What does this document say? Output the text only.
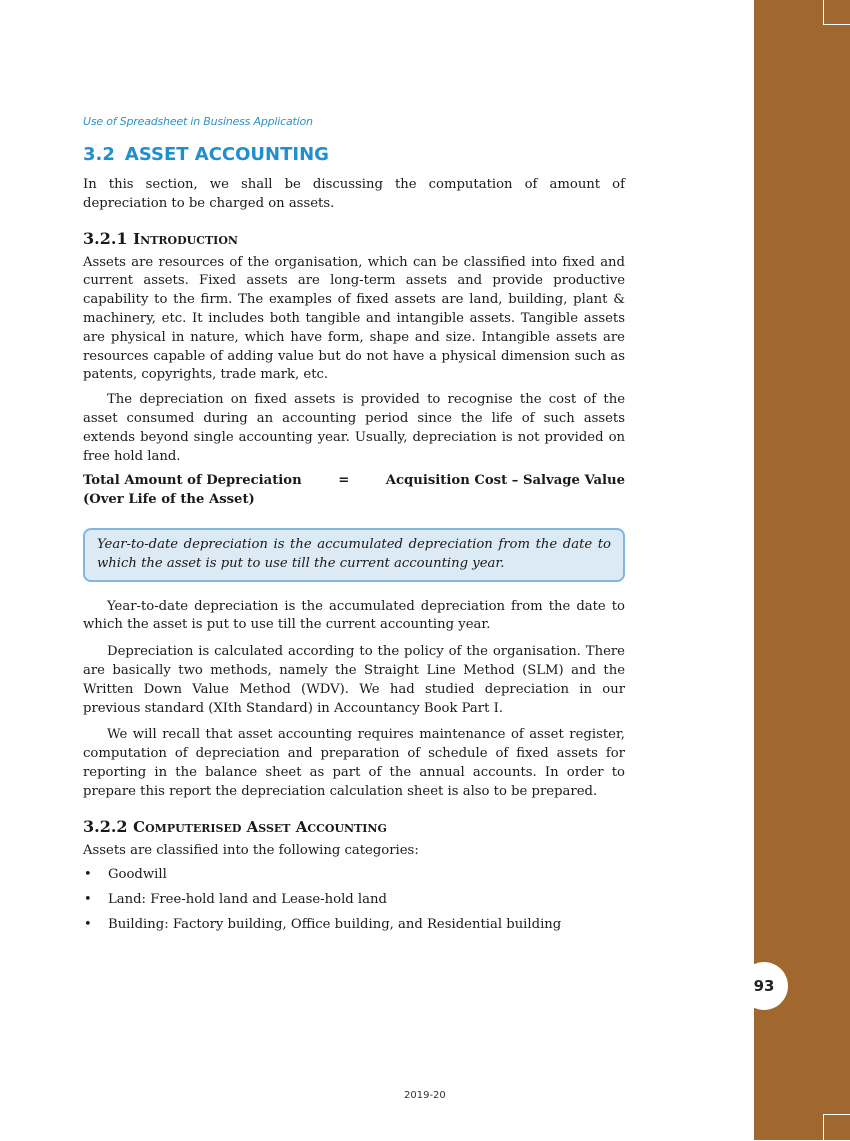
93
Use of Spreadsheet in Business Application
3.2 ASSET ACCOUNTING

In this section, we shall be discussing the computation of amount of depreciation to be charged on assets.

3.2.1 Introduction

Assets are resources of the organisation, which can be classified into fixed and current assets. Fixed assets are long-term assets and provide productive capability to the firm. The examples of fixed assets are land, building, plant & machinery, etc. It includes both tangible and intangible assets. Tangible assets are physical in nature, which have form, shape and size. Intangible assets are resources capable of adding value but do not have a physical dimension such as patents, copyrights, trade mark, etc.

The depreciation on fixed assets is provided to recognise the cost of the asset consumed during an accounting period since the life of such assets extends beyond single accounting year. Usually, depreciation is not provided on free hold land.

Total Amount of Depreciation	=	Acquisition Cost – Salvage Value
(Over Life of the Asset)

Year-to-date depreciation is the accumulated depreciation from the date to which the asset is put to use till the current accounting year.

Year-to-date depreciation is the accumulated depreciation from the date to which the asset is put to use till the current accounting year.

Depreciation is calculated according to the policy of the organisation. There are basically two methods, namely the Straight Line Method (SLM) and the Written Down Value Method (WDV). We had studied depreciation in our previous standard (XIth Standard) in Accountancy Book Part I.

We will recall that asset accounting requires maintenance of asset register, computation of depreciation and preparation of schedule of fixed assets for reporting in the balance sheet as part of the annual accounts. In order to prepare this report the depreciation calculation sheet is also to be prepared.

3.2.2 Computerised Asset Accounting

Assets are classified into the following categories:

• Goodwill
• Land: Free-hold land and Lease-hold land
• Building: Factory building, Office building, and Residential building
2019-20
